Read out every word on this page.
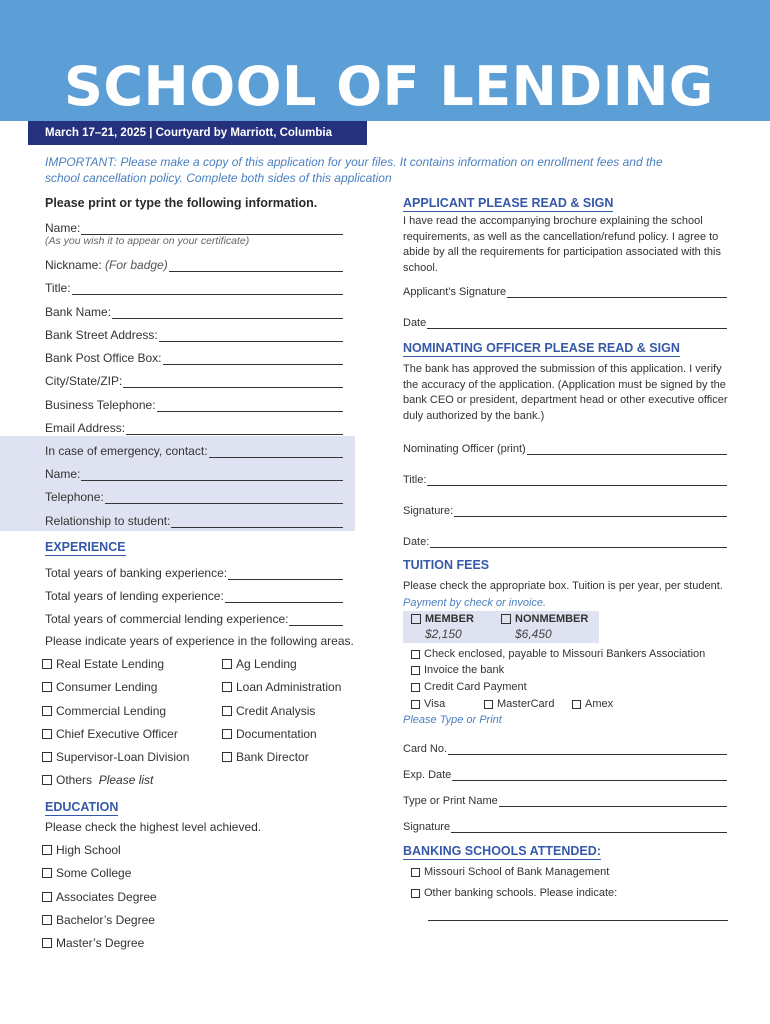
SCHOOL OF LENDING
March 17–21, 2025 | Courtyard by Marriott, Columbia
IMPORTANT: Please make a copy of this application for your files. It contains information on enrollment fees and the school cancellation policy. Complete both sides of this application
Please print or type the following information.
Name:
(As you wish it to appear on your certificate)
Nickname: (For badge)
Title:
Bank Name:
Bank Street Address:
Bank Post Office Box:
City/State/ZIP:
Business Telephone:
Email Address:
In case of emergency, contact:
Name:
Telephone:
Relationship to student:
EXPERIENCE
Total years of banking experience:
Total years of lending experience:
Total years of commercial lending experience:
Please indicate years of experience in the following areas.
Real Estate Lending
Consumer Lending
Commercial Lending
Chief Executive Officer
Supervisor-Loan Division
Ag Lending
Loan Administration
Credit Analysis
Documentation
Bank Director
Others
Please list
EDUCATION
Please check the highest level achieved.
High School
Some College
Associates Degree
Bachelor’s Degree
Master’s Degree
APPLICANT PLEASE READ & SIGN
I have read the accompanying brochure explaining the school requirements, as well as the cancellation/refund policy. I agree to abide by all the requirements for participation associated with this school.
Applicant’s Signature
Date
NOMINATING OFFICER PLEASE READ & SIGN
The bank has approved the submission of this application. I verify the accuracy of the application. (Application must be signed by the bank CEO or president, department head or other executive officer duly authorized by the bank.)
Nominating Officer (print)
Title:
Signature:
Date:
TUITION FEES
Please check the appropriate box. Tuition is per year, per student.
Payment by check or invoice.
MEMBER
$2,150
NONMEMBER
$6,450
Check enclosed, payable to Missouri Bankers Association
Invoice the bank
Credit Card Payment
Visa	MasterCard	Amex
Please Type or Print
Card No.
Exp. Date
Type or Print Name
Signature
BANKING SCHOOLS ATTENDED:
Missouri School of Bank Management
Other banking schools. Please indicate:
